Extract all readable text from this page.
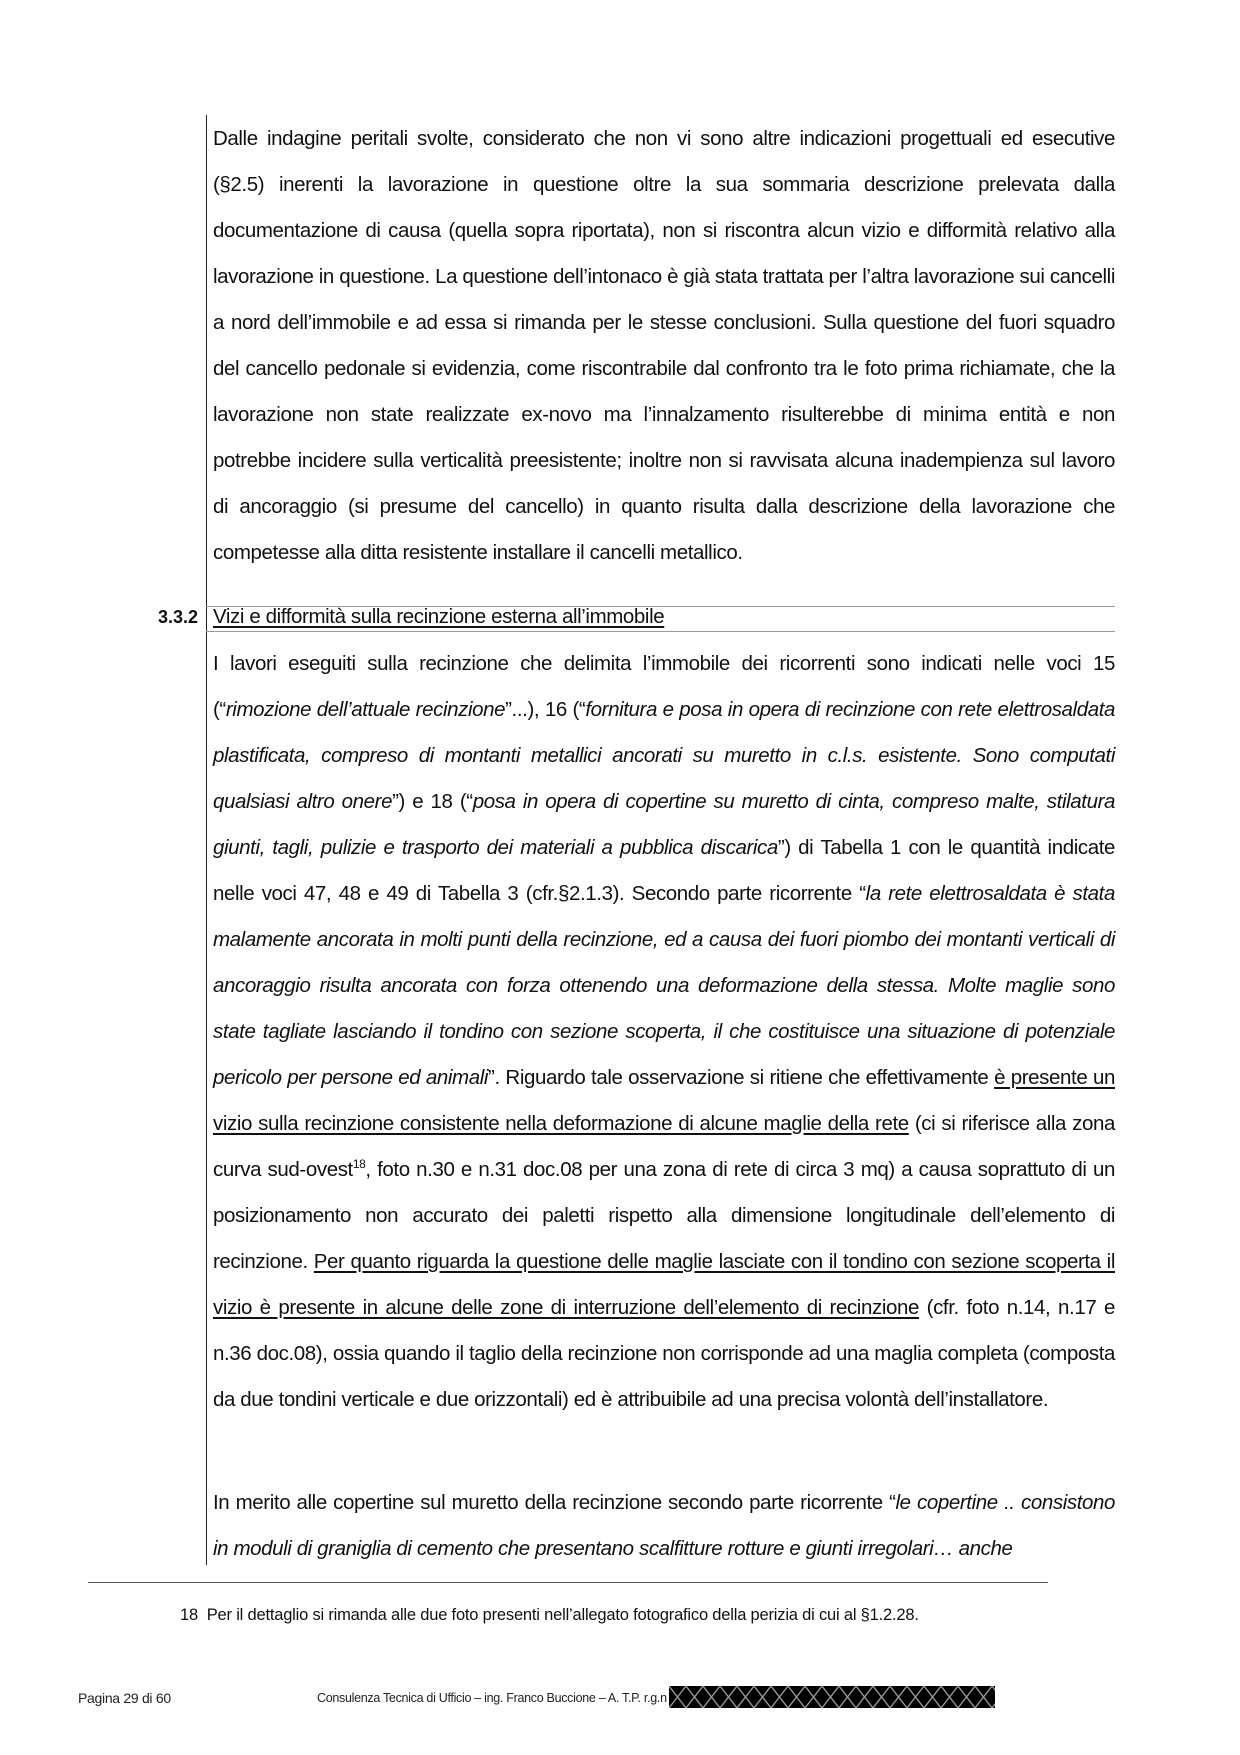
Dalle indagine peritali svolte, considerato che non vi sono altre indicazioni progettuali ed esecutive (§2.5) inerenti la lavorazione in questione oltre la sua sommaria descrizione prelevata dalla documentazione di causa (quella sopra riportata), non si riscontra alcun vizio e difformità relativo alla lavorazione in questione. La questione dell’intonaco è già stata trattata per l’altra lavorazione sui cancelli a nord dell’immobile e ad essa si rimanda per le stesse conclusioni. Sulla questione del fuori squadro del cancello pedonale si evidenzia, come riscontrabile dal confronto tra le foto prima richiamate, che la lavorazione non state realizzate ex-novo ma l’innalzamento risulterebbe di minima entità e non potrebbe incidere sulla verticalità preesistente; inoltre non si ravvisata alcuna inadempienza sul lavoro di ancoraggio (si presume del cancello) in quanto risulta dalla descrizione della lavorazione che competesse alla ditta resistente installare il cancelli metallico.
3.3.2 Vizi e difformità sulla recinzione esterna all’immobile
I lavori eseguiti sulla recinzione che delimita l’immobile dei ricorrenti sono indicati nelle voci 15 (“rimozione dell’attuale recinzione”...), 16 (“fornitura e posa in opera di recinzione con rete elettrosaldata plastificata, compreso di montanti metallici ancorati su muretto in c.l.s. esistente. Sono computati qualsiasi altro onere”) e 18 (“posa in opera di copertine su muretto di cinta, compreso malte, stilatura giunti, tagli, pulizie e trasporto dei materiali a pubblica discarica”) di Tabella 1 con le quantità indicate nelle voci 47, 48 e 49 di Tabella 3 (cfr.§2.1.3). Secondo parte ricorrente “la rete elettrosaldata è stata malamente ancorata in molti punti della recinzione, ed a causa dei fuori piombo dei montanti verticali di ancoraggio risulta ancorata con forza ottenendo una deformazione della stessa. Molte maglie sono state tagliate lasciando il tondino con sezione scoperta, il che costituisce una situazione di potenziale pericolo per persone ed animali”. Riguardo tale osservazione si ritiene che effettivamente è presente un vizio sulla recinzione consistente nella deformazione di alcune maglie della rete (ci si riferisce alla zona curva sud-ovest$^{18}$, foto n.30 e n.31 doc.08 per una zona di rete di circa 3 mq) a causa soprattuto di un posizionamento non accurato dei paletti rispetto alla dimensione longitudinale dell’elemento di recinzione. Per quanto riguarda la questione delle maglie lasciate con il tondino con sezione scoperta il vizio è presente in alcune delle zone di interruzione dell’elemento di recinzione (cfr. foto n.14, n.17 e n.36 doc.08), ossia quando il taglio della recinzione non corrisponde ad una maglia completa (composta da due tondini verticale e due orizzontali) ed è attribuibile ad una precisa volontà dell’installatore.
In merito alle copertine sul muretto della recinzione secondo parte ricorrente “le copertine .. consistono in moduli di graniglia di cemento che presentano scalfitture rotture e giunti irregolari… anche
18 Per il dettaglio si rimanda alle due foto presenti nell’allegato fotografico della perizia di cui al §1.2.28.
Pagina 29 di 60	Consulenza Tecnica di Ufficio – ing. Franco Buccione – A. T.P. r.g.n
